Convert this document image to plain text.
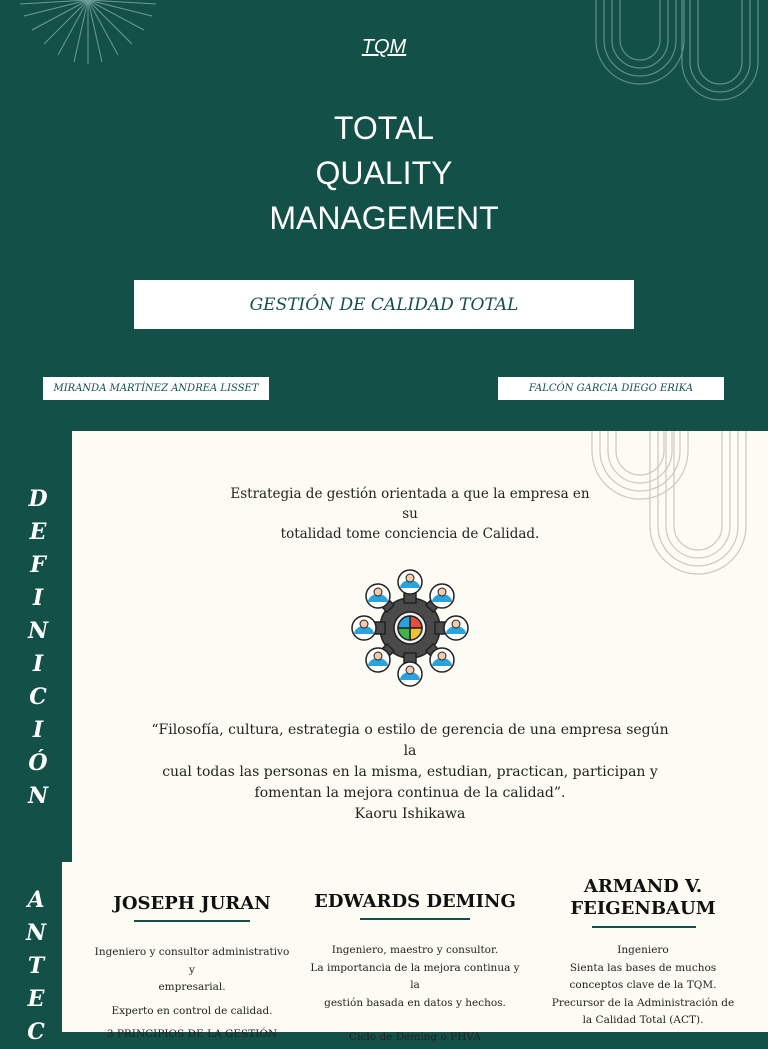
TQM
TOTAL
QUALITY
MANAGEMENT
GESTIÓN DE CALIDAD TOTAL
MIRANDA MARTÍNEZ ANDREA LISSET	FALCÓN GARCIA DIEGO ERIKA
D
E
F
I
N
I
C
I
Ó
N
Estrategia de gestión orientada a que la empresa en su
totalidad tome conciencia de Calidad.
“Filosofía, cultura, estrategia o estilo de gerencia de una empresa según la
cual todas las personas en la misma, estudian, practican, participan y
fomentan la mejora continua de la calidad”.
Kaoru Ishikawa
A
N
T
E
C
JOSEPH JURAN
Ingeniero y consultor administrativo y
empresarial.
Experto en control de calidad.
3 PRINCIPIOS DE LA GESTIÓN
EDWARDS DEMING
Ingeniero, maestro y consultor.
La importancia de la mejora continua y la
gestión basada en datos y hechos.
Ciclo de Deming o PHVA
ARMAND V.
FEIGENBAUM
Ingeniero
Sienta las bases de muchos
conceptos clave de la TQM.
Precursor de la Administración de
la Calidad Total (ACT).
